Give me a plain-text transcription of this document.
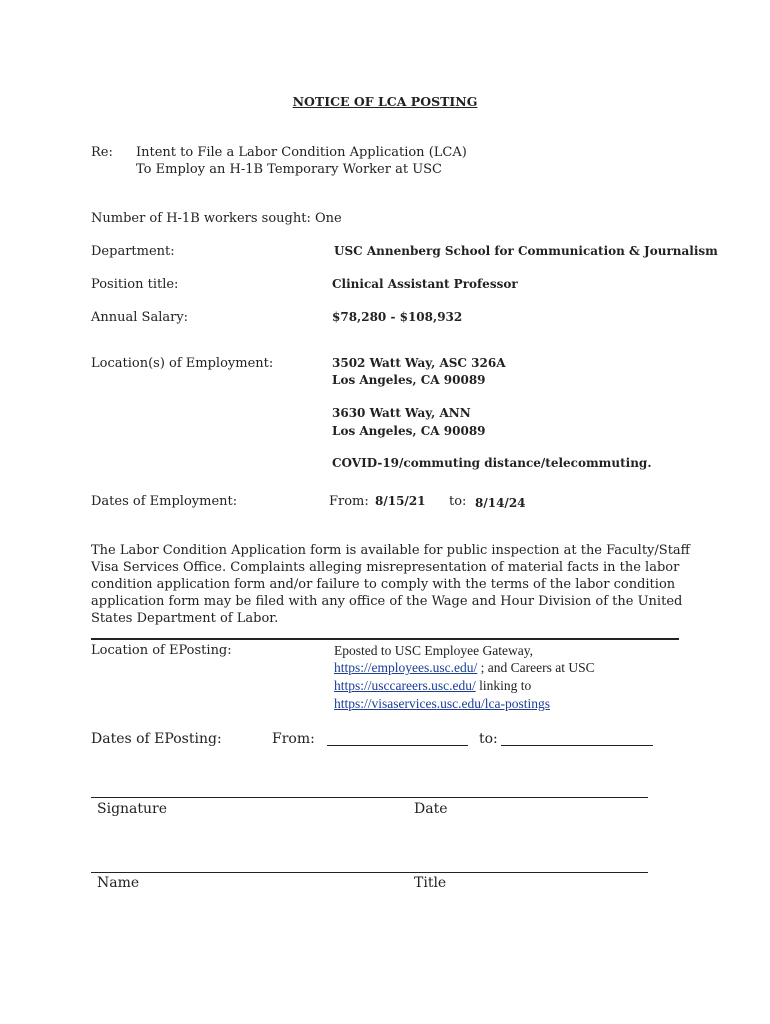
NOTICE OF LCA POSTING
Re: Intent to File a Labor Condition Application (LCA)
To Employ an H-1B Temporary Worker at USC
Number of H-1B workers sought: One
Department:	USC Annenberg School for Communication & Journalism
Position title:	Clinical Assistant Professor
Annual Salary:	$78,280 - $108,932
Location(s) of Employment:	3502 Watt Way, ASC 326A
Los Angeles, CA 90089
3630 Watt Way, ANN
Los Angeles, CA 90089
COVID-19/commuting distance/telecommuting.
Dates of Employment:	From: 8/15/21 to: 8/14/24
The Labor Condition Application form is available for public inspection at the Faculty/Staff Visa Services Office. Complaints alleging misrepresentation of material facts in the labor condition application form and/or failure to comply with the terms of the labor condition application form may be filed with any office of the Wage and Hour Division of the United States Department of Labor.
Location of EPosting:	Eposted to USC Employee Gateway,
https://employees.usc.edu/ ; and Careers at USC
https://usccareers.usc.edu/ linking to
https://visaservices.usc.edu/lca-postings
Dates of EPosting:	From:	to:
Signature	Date
Name	Title
